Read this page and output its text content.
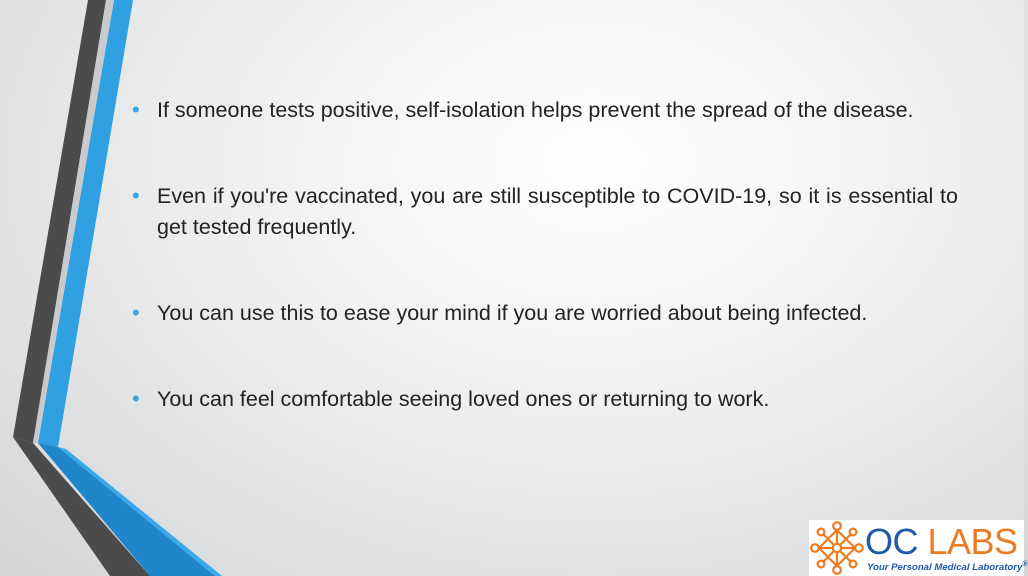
• If someone tests positive, self-isolation helps prevent the spread of the disease.
• Even if you're vaccinated, you are still susceptible to COVID-19, so it is essential to get tested frequently.
• You can use this to ease your mind if you are worried about being infected.
• You can feel comfortable seeing loved ones or returning to work.
OC LABS
Your Personal Medical Laboratory®
